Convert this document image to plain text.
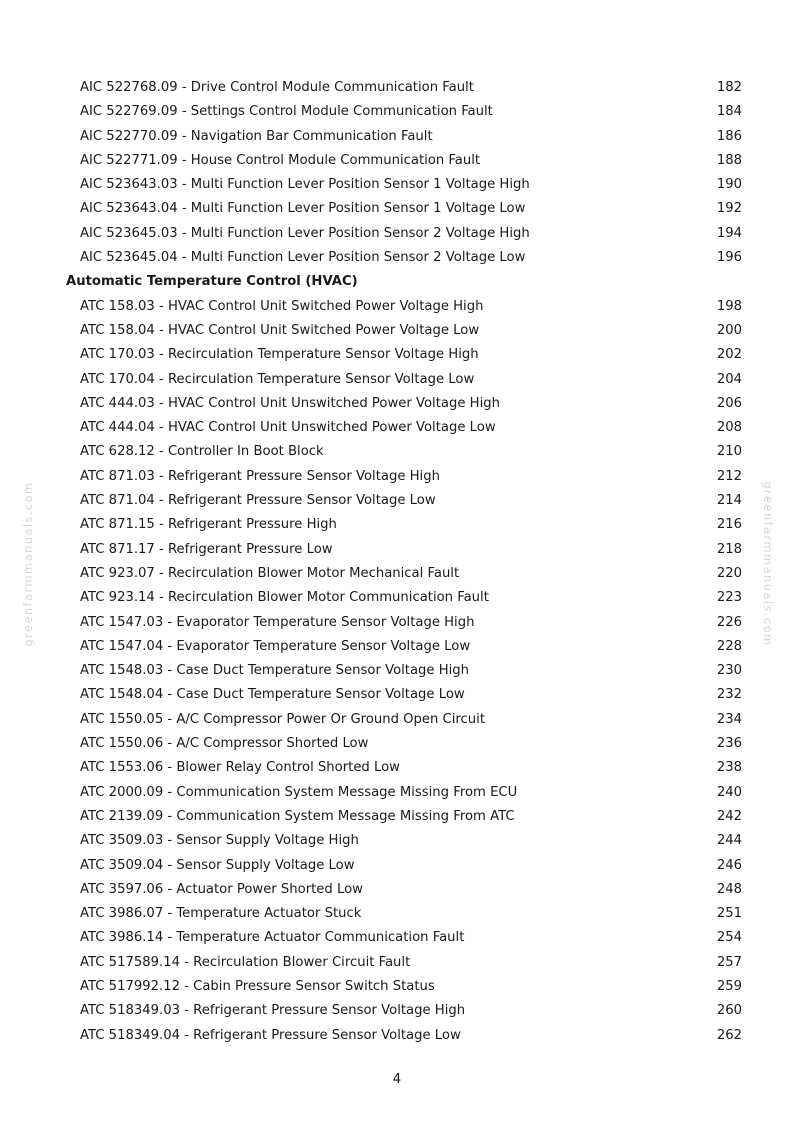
greenfarmmanuals.com	greenfarmmanuals.com
AIC 522768.09 - Drive Control Module Communication Fault	182
AIC 522769.09 - Settings Control Module Communication Fault	184
AIC 522770.09 - Navigation Bar Communication Fault	186
AIC 522771.09 - House Control Module Communication Fault	188
AIC 523643.03 - Multi Function Lever Position Sensor 1 Voltage High	190
AIC 523643.04 - Multi Function Lever Position Sensor 1 Voltage Low	192
AIC 523645.03 - Multi Function Lever Position Sensor 2 Voltage High	194
AIC 523645.04 - Multi Function Lever Position Sensor 2 Voltage Low	196
Automatic Temperature Control (HVAC)
ATC 158.03 - HVAC Control Unit Switched Power Voltage High	198
ATC 158.04 - HVAC Control Unit Switched Power Voltage Low	200
ATC 170.03 - Recirculation Temperature Sensor Voltage High	202
ATC 170.04 - Recirculation Temperature Sensor Voltage Low	204
ATC 444.03 - HVAC Control Unit Unswitched Power Voltage High	206
ATC 444.04 - HVAC Control Unit Unswitched Power Voltage Low	208
ATC 628.12 - Controller In Boot Block	210
ATC 871.03 - Refrigerant Pressure Sensor Voltage High	212
ATC 871.04 - Refrigerant Pressure Sensor Voltage Low	214
ATC 871.15 - Refrigerant Pressure High	216
ATC 871.17 - Refrigerant Pressure Low	218
ATC 923.07 - Recirculation Blower Motor Mechanical Fault	220
ATC 923.14 - Recirculation Blower Motor Communication Fault	223
ATC 1547.03 - Evaporator Temperature Sensor Voltage High	226
ATC 1547.04 - Evaporator Temperature Sensor Voltage Low	228
ATC 1548.03 - Case Duct Temperature Sensor Voltage High	230
ATC 1548.04 - Case Duct Temperature Sensor Voltage Low	232
ATC 1550.05 - A/C Compressor Power Or Ground Open Circuit	234
ATC 1550.06 - A/C Compressor Shorted Low	236
ATC 1553.06 - Blower Relay Control Shorted Low	238
ATC 2000.09 - Communication System Message Missing From ECU	240
ATC 2139.09 - Communication System Message Missing From ATC	242
ATC 3509.03 - Sensor Supply Voltage High	244
ATC 3509.04 - Sensor Supply Voltage Low	246
ATC 3597.06 - Actuator Power Shorted Low	248
ATC 3986.07 - Temperature Actuator Stuck	251
ATC 3986.14 - Temperature Actuator Communication Fault	254
ATC 517589.14 - Recirculation Blower Circuit Fault	257
ATC 517992.12 - Cabin Pressure Sensor Switch Status	259
ATC 518349.03 - Refrigerant Pressure Sensor Voltage High	260
ATC 518349.04 - Refrigerant Pressure Sensor Voltage Low	262
4
